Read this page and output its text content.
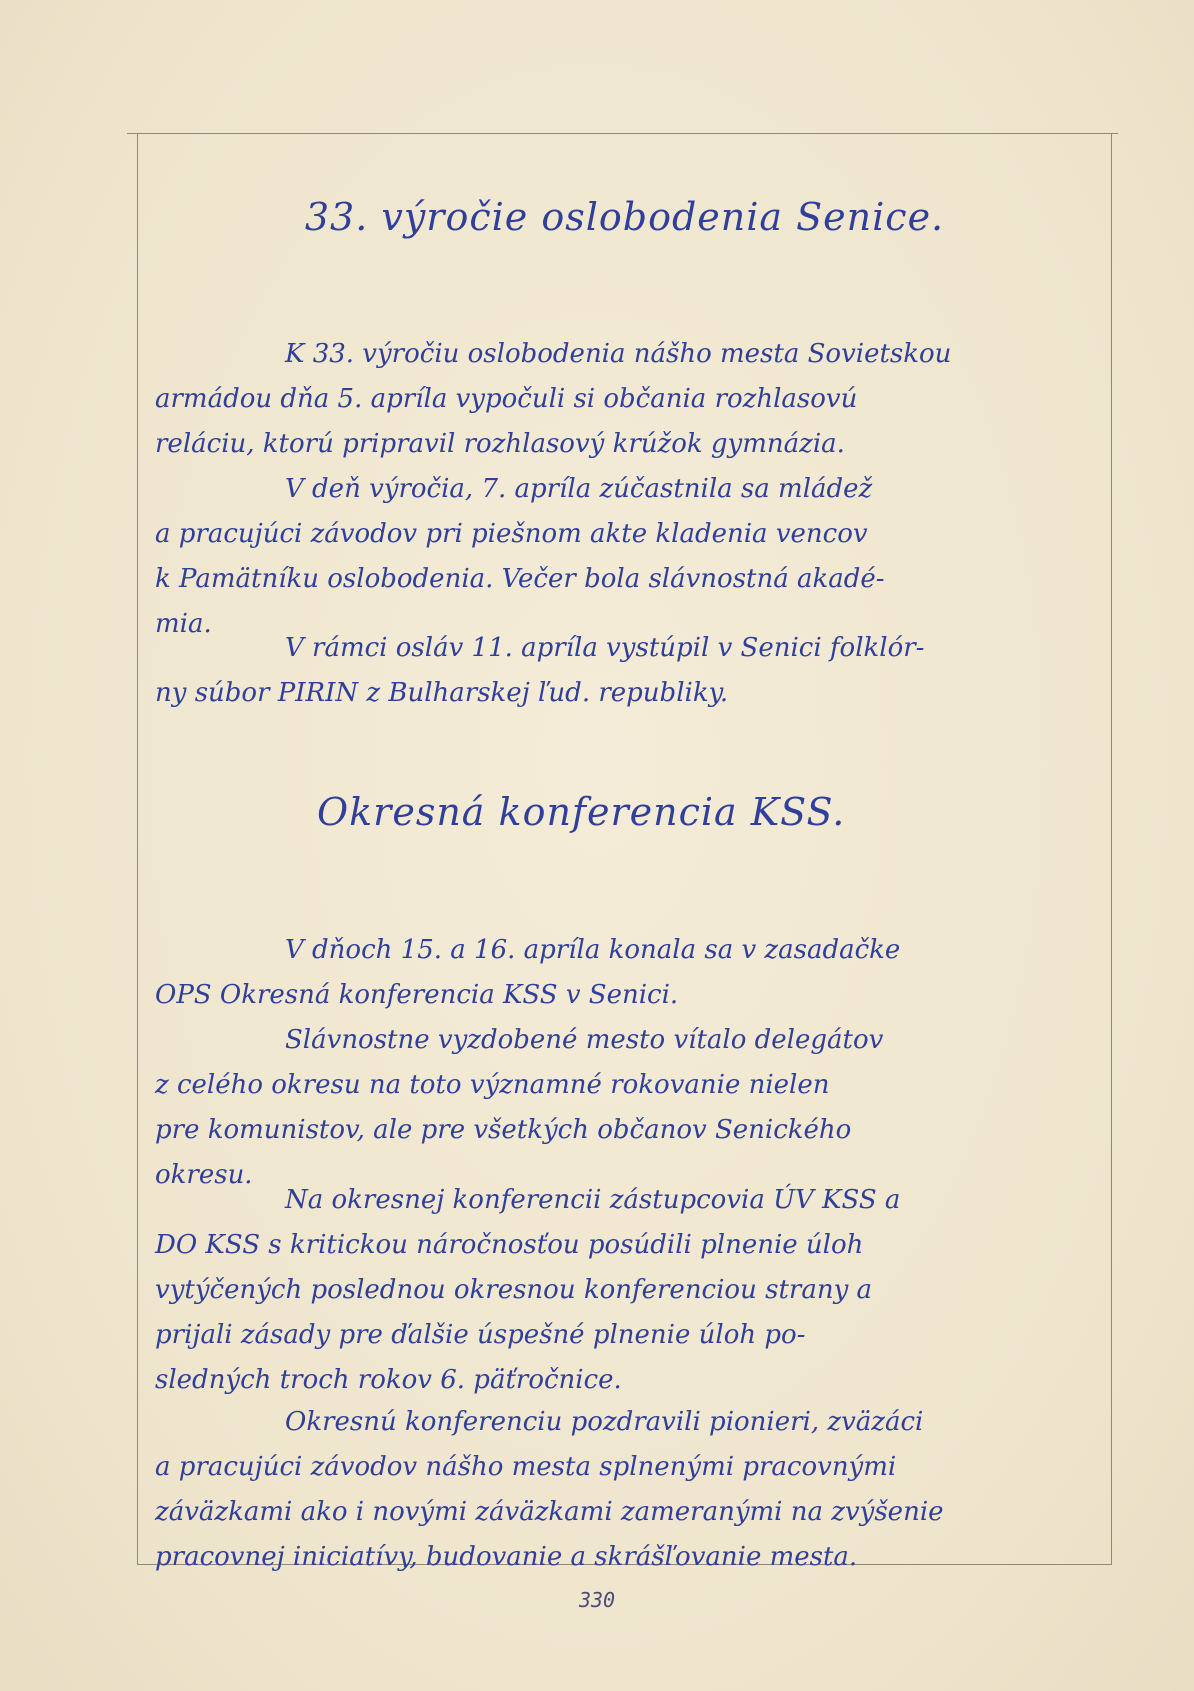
33. výročie oslobodenia Senice.
K 33. výročiu oslobodenia nášho mesta Sovietskou
armádou dňa 5. apríla vypočuli si občania rozhlasovú
reláciu, ktorú pripravil rozhlasový krúžok gymnázia.
V deň výročia, 7. apríla zúčastnila sa mládež
a pracujúci závodov pri piešnom akte kladenia vencov
k Pamätníku oslobodenia. Večer bola slávnostná akadé-
mia.
V rámci osláv 11. apríla vystúpil v Senici folklór-
ny súbor PIRIN z Bulharskej ľud. republiky.
Okresná konferencia KSS.
V dňoch 15. a 16. apríla konala sa v zasadačke
OPS Okresná konferencia KSS v Senici.
Slávnostne vyzdobené mesto vítalo delegátov
z celého okresu na toto významné rokovanie nielen
pre komunistov, ale pre všetkých občanov Senického
okresu.
Na okresnej konferencii zástupcovia ÚV KSS a
DO KSS s kritickou náročnosťou posúdili plnenie úloh
vytýčených poslednou okresnou konferenciou strany a
prijali zásady pre ďalšie úspešné plnenie úloh po-
sledných troch rokov 6. päťročnice.
Okresnú konferenciu pozdravili pionieri, zväzáci
a pracujúci závodov nášho mesta splnenými pracovnými
záväzkami ako i novými záväzkami zameranými na zvýšenie
pracovnej iniciatívy, budovanie a skrášľovanie mesta.
330
